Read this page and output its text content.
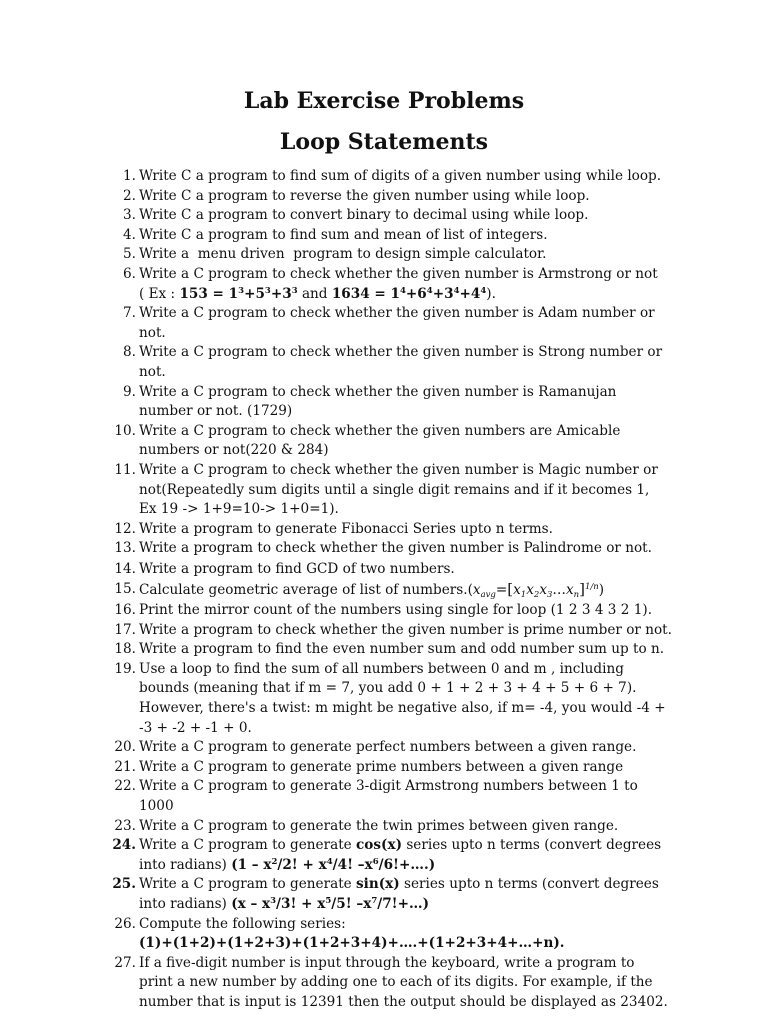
Lab Exercise Problems
Loop Statements
1. Write C a program to find sum of digits of a given number using while loop.
2. Write C a program to reverse the given number using while loop.
3. Write C a program to convert binary to decimal using while loop.
4. Write C a program to find sum and mean of list of integers.
5. Write a  menu driven  program to design simple calculator.
6. Write a C program to check whether the given number is Armstrong or not
( Ex : $153 = 1^3+5^3+3^3$ and $1634 = 1^4+6^4+3^4+4^4$).
7. Write a C program to check whether the given number is Adam number or not.
8. Write a C program to check whether the given number is Strong number or not.
9. Write a C program to check whether the given number is Ramanujan number or not. (1729)
10. Write a C program to check whether the given numbers are Amicable numbers or not(220 & 284)
11. Write a C program to check whether the given number is Magic number or not(Repeatedly sum digits until a single digit remains and if it becomes 1,
Ex 19 -> 1+9=10-> 1+0=1).
12. Write a program to generate Fibonacci Series upto n terms.
13. Write a program to check whether the given number is Palindrome or not.
14. Write a program to find GCD of two numbers.
15. Calculate geometric average of list of $numbers.(x_{avg}=[x_1x_2x_3\dots x_n]^{1/n})$
16. Print the mirror count of the numbers using single for loop (1 2 3 4 3 2 1).
17. Write a program to check whether the given number is prime number or not.
18. Write a program to find the even number sum and odd number sum up to n.
19. Use a loop to find the sum of all numbers between 0 and m , including bounds (meaning that if m = 7, you add 0 + 1 + 2 + 3 + 4 + 5 + 6 + 7). However, there's a twist: m might be negative also, if m= -4, you would -4 + -3 + -2 + -1 + 0.
20. Write a C program to generate perfect numbers between a given range.
21. Write a C program to generate prime numbers between a given range
22. Write a C program to generate 3-digit Armstrong numbers between 1 to 1000
23. Write a C program to generate the twin primes between given range.
24. Write a C program to generate cos(x) series upto n terms (convert degrees into radians) ($1 - x^2/2$! + $x^4/4$! $-x^6/6!+\dots$.)
25. Write a C program to generate sin(x) series upto n terms (convert degrees into radians) ($x - x^3/3$! + $x^5/5$! $-x^7/7!+\dots$)
26. Compute the following series:
(1)+(1+2)+(1+2+3)+(1+2+3+4)+….+(1+2+3+4+…+n).
27. If a five-digit number is input through the keyboard, write a program to print a new number by adding one to each of its digits. For example, if the number that is input is 12391 then the output should be displayed as 23402.
